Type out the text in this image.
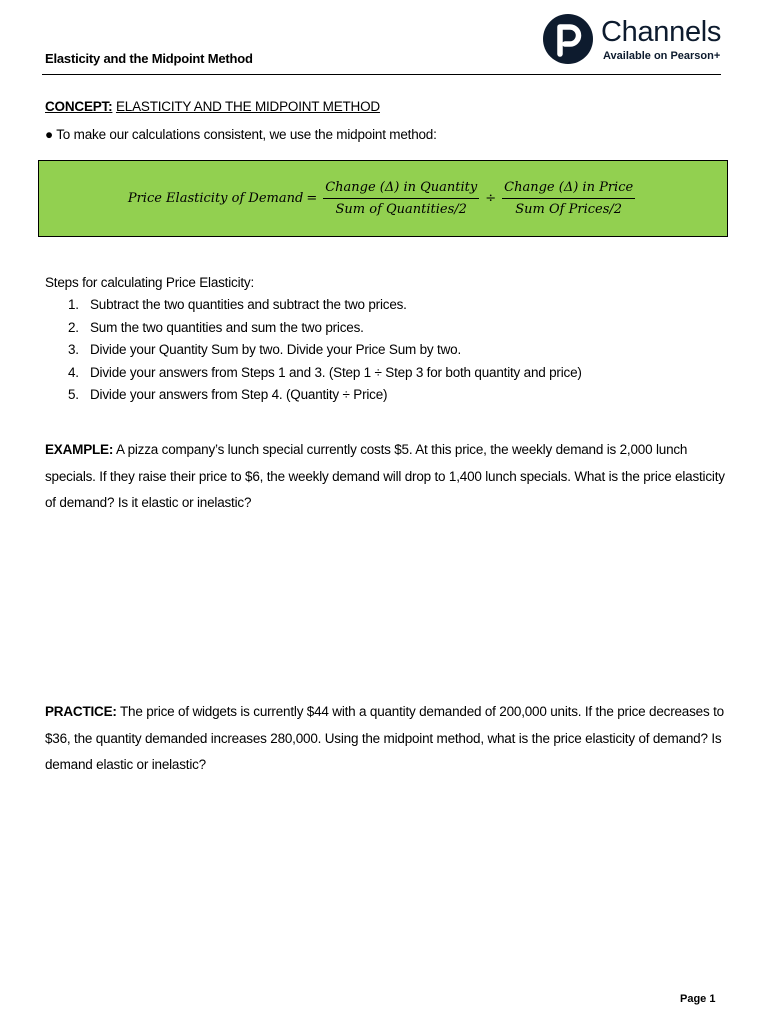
Elasticity and the Midpoint Method
Channels
Available on Pearson+
CONCEPT: ELASTICITY AND THE MIDPOINT METHOD
● To make our calculations consistent, we use the midpoint method:
Price Elasticity of Demand = $\frac{\text{Change (Δ) in Quantity}}{\text{Sum of Quantities/2}} \div \frac{\text{Change (Δ) in Price}}{\text{Sum Of Prices/2}}$
Steps for calculating Price Elasticity:
1. Subtract the two quantities and subtract the two prices.
2. Sum the two quantities and sum the two prices.
3. Divide your Quantity Sum by two. Divide your Price Sum by two.
4. Divide your answers from Steps 1 and 3. (Step 1 ÷ Step 3 for both quantity and price)
5. Divide your answers from Step 4. (Quantity ÷ Price)
EXAMPLE: A pizza company’s lunch special currently costs $5. At this price, the weekly demand is 2,000 lunch specials. If they raise their price to $6, the weekly demand will drop to 1,400 lunch specials. What is the price elasticity of demand? Is it elastic or inelastic?
PRACTICE: The price of widgets is currently $44 with a quantity demanded of 200,000 units. If the price decreases to $36, the quantity demanded increases 280,000. Using the midpoint method, what is the price elasticity of demand? Is demand elastic or inelastic?
Page 1
